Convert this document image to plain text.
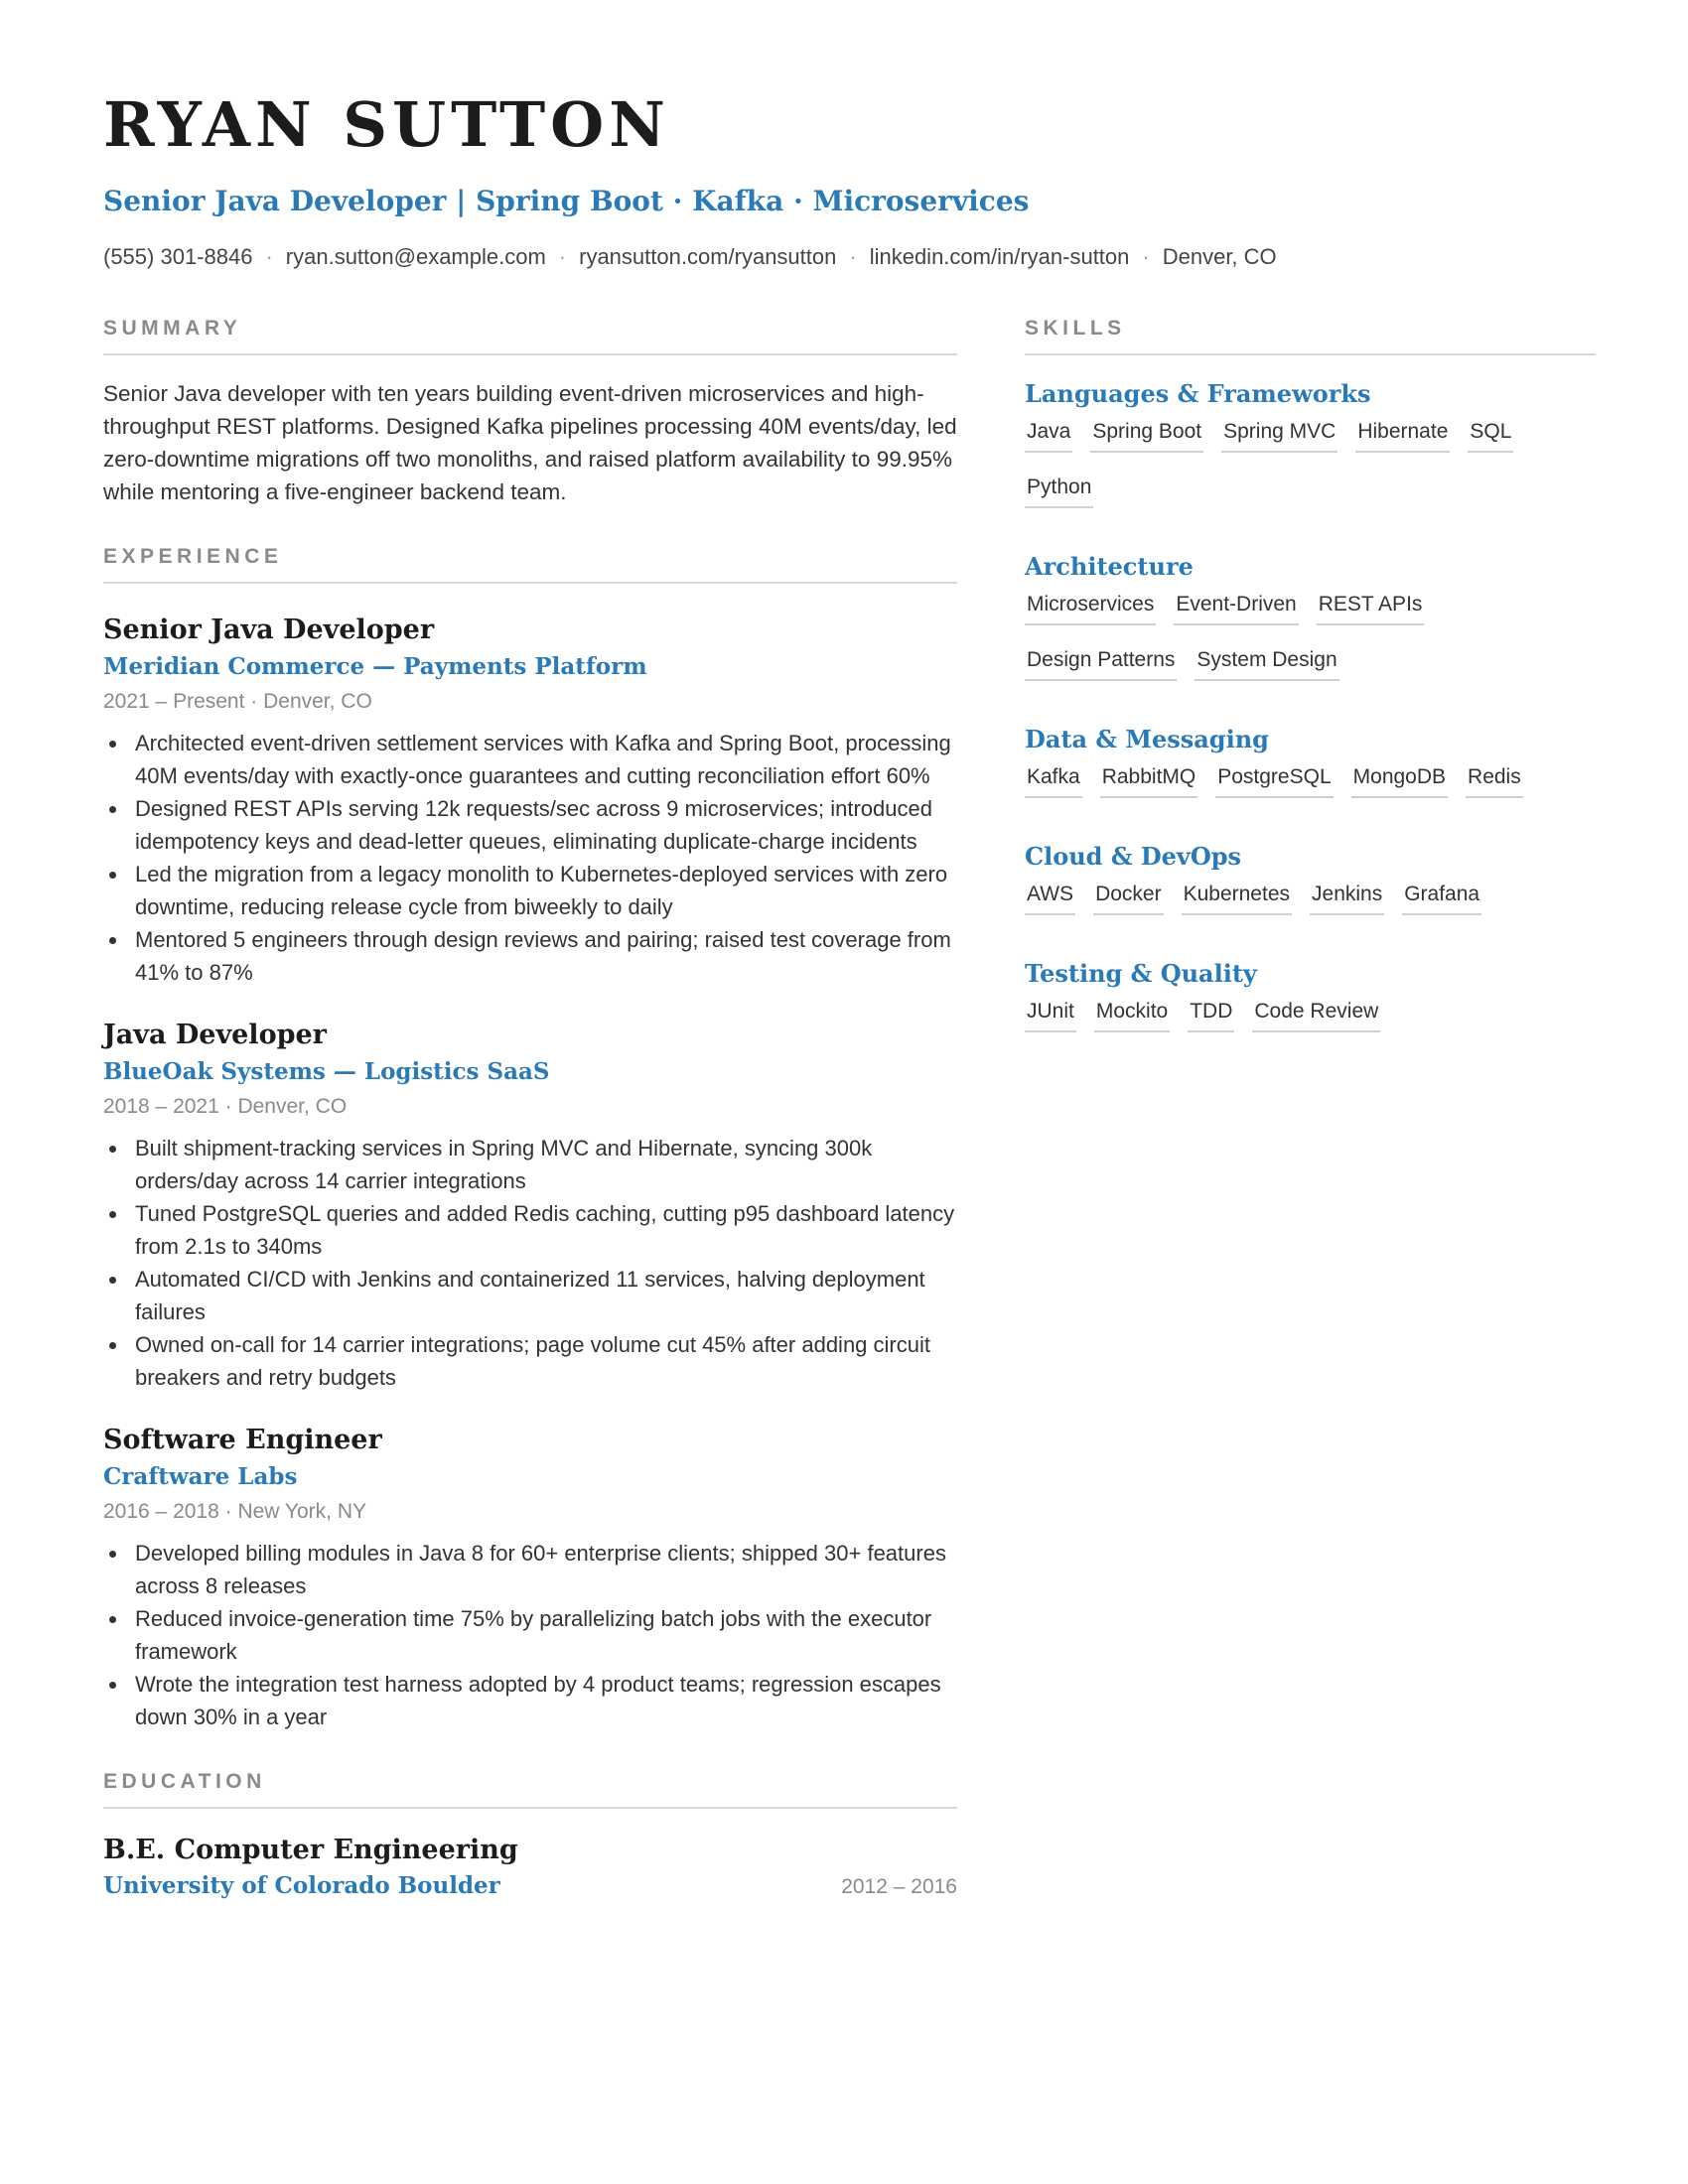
RYAN SUTTON
Senior Java Developer | Spring Boot · Kafka · Microservices
(555) 301-8846 · ryan.sutton@example.com · ryansutton.com/ryansutton · linkedin.com/in/ryan-sutton · Denver, CO
SUMMARY
Senior Java developer with ten years building event-driven microservices and high-throughput REST platforms. Designed Kafka pipelines processing 40M events/day, led zero-downtime migrations off two monoliths, and raised platform availability to 99.95% while mentoring a five-engineer backend team.
EXPERIENCE
Senior Java Developer
Meridian Commerce — Payments Platform
2021 – Present · Denver, CO
Architected event-driven settlement services with Kafka and Spring Boot, processing 40M events/day with exactly-once guarantees and cutting reconciliation effort 60%
Designed REST APIs serving 12k requests/sec across 9 microservices; introduced idempotency keys and dead-letter queues, eliminating duplicate-charge incidents
Led the migration from a legacy monolith to Kubernetes-deployed services with zero downtime, reducing release cycle from biweekly to daily
Mentored 5 engineers through design reviews and pairing; raised test coverage from 41% to 87%
Java Developer
BlueOak Systems — Logistics SaaS
2018 – 2021 · Denver, CO
Built shipment-tracking services in Spring MVC and Hibernate, syncing 300k orders/day across 14 carrier integrations
Tuned PostgreSQL queries and added Redis caching, cutting p95 dashboard latency from 2.1s to 340ms
Automated CI/CD with Jenkins and containerized 11 services, halving deployment failures
Owned on-call for 14 carrier integrations; page volume cut 45% after adding circuit breakers and retry budgets
Software Engineer
Craftware Labs
2016 – 2018 · New York, NY
Developed billing modules in Java 8 for 60+ enterprise clients; shipped 30+ features across 8 releases
Reduced invoice-generation time 75% by parallelizing batch jobs with the executor framework
Wrote the integration test harness adopted by 4 product teams; regression escapes down 30% in a year
EDUCATION
B.E. Computer Engineering
University of Colorado Boulder	2012 – 2016
SKILLS
Languages & Frameworks
Java Spring Boot Spring MVC Hibernate SQL
Python
Architecture
Microservices Event-Driven REST APIs
Design Patterns System Design
Data & Messaging
Kafka RabbitMQ PostgreSQL MongoDB Redis
Cloud & DevOps
AWS Docker Kubernetes Jenkins Grafana
Testing & Quality
JUnit Mockito TDD Code Review
